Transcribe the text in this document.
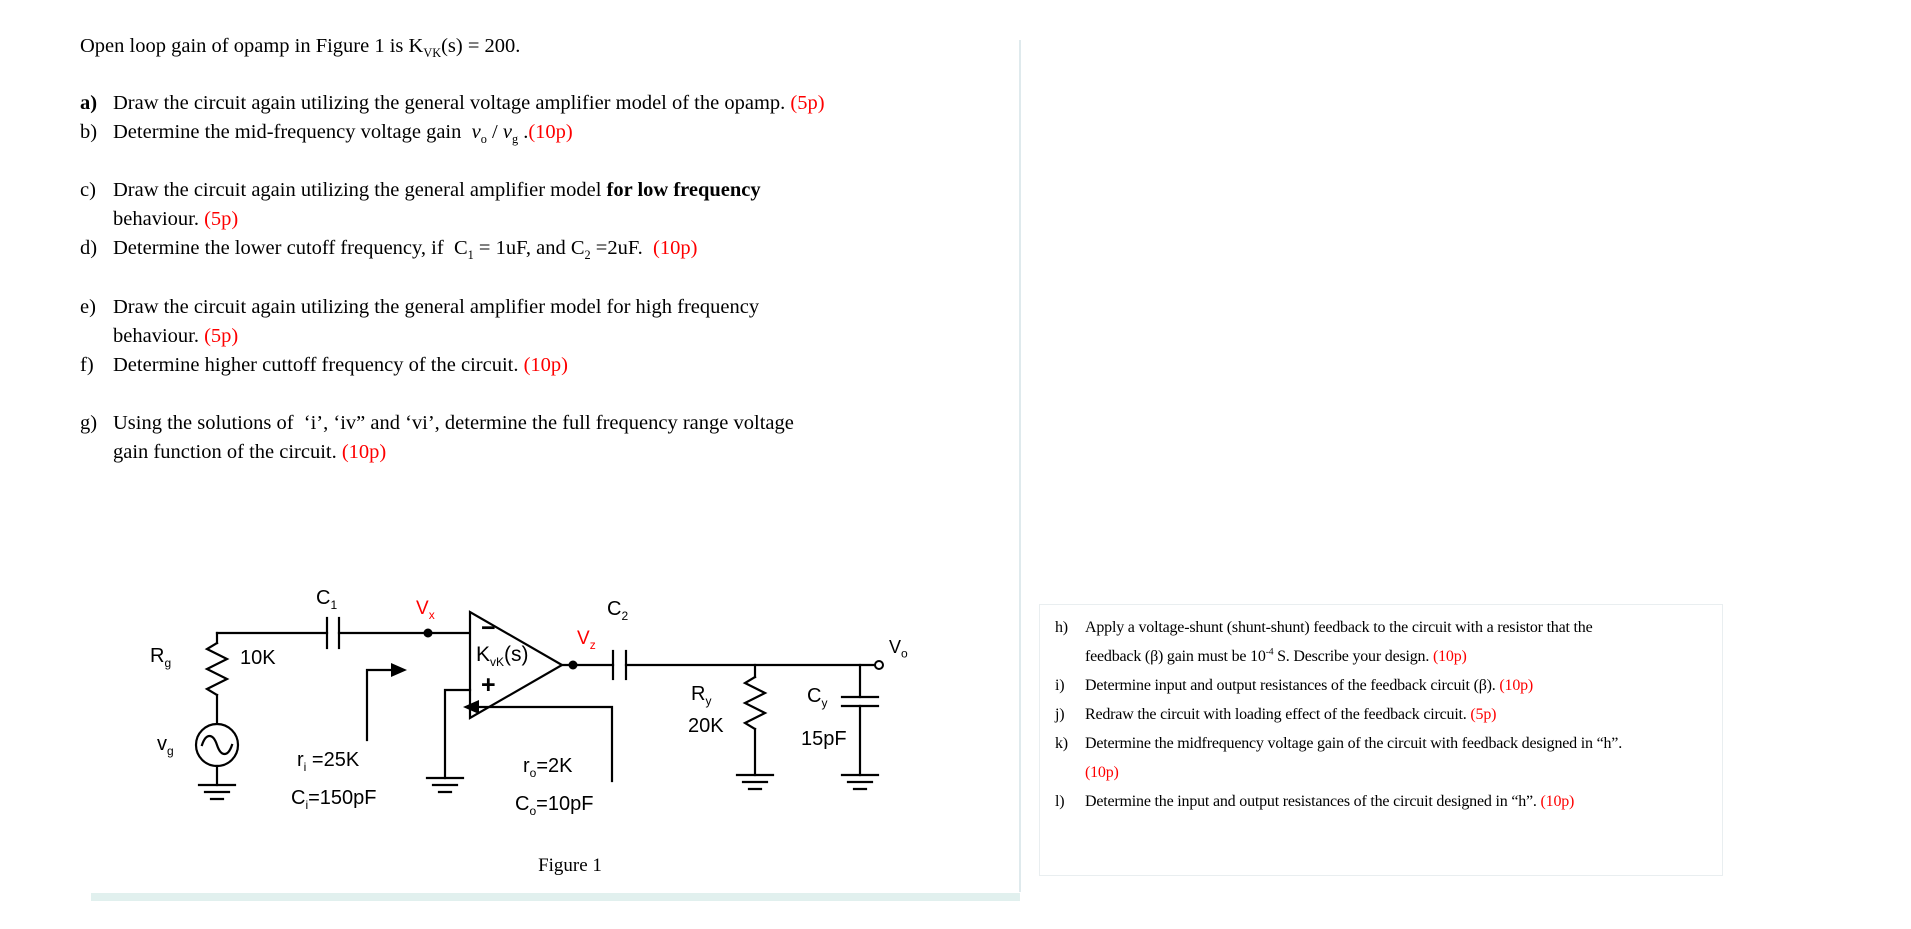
Open loop gain of opamp in Figure 1 is $K_{VK}(s) = 200$.
a) Draw the circuit again utilizing the general voltage amplifier model of the opamp. (5p)
b) Determine the mid-frequency voltage gain  $v_o / v_g$ .(10p)
c) Draw the circuit again utilizing the general amplifier model for low frequency
behaviour. (5p)
d) Determine the lower cutoff frequency, if  $C_1 = 1uF$, and $C_2 =2uF$.  (10p)
e) Draw the circuit again utilizing the general amplifier model for high frequency
behaviour. (5p)
f) Determine higher cuttoff frequency of the circuit. (10p)
g) Using the solutions of  ‘i’, ‘iv” and ‘vi’, determine the full frequency range voltage
gain function of the circuit. (10p)
$R_g$	10K
$v_g$
$C_1$	$V_x$ −
$K_{vK}(s)$
+
$V_z$
$C_2$
$r_i =25K$
$C_i=150pF$
$r_o=2K$
$C_o=10pF$
$R_y$
20K
$C_y$
15pF
$V_o$
Figure 1
h) Apply a voltage-shunt (shunt-shunt) feedback to the circuit with a resistor that the
feedback (β) gain must be $10^{-4}$ S. Describe your design. (10p)
i) Determine input and output resistances of the feedback circuit (β). (10p)
j) Redraw the circuit with loading effect of the feedback circuit. (5p)
k) Determine the midfrequency voltage gain of the circuit with feedback designed in “h”.
(10p)
l) Determine the input and output resistances of the circuit designed in “h”. (10p)
